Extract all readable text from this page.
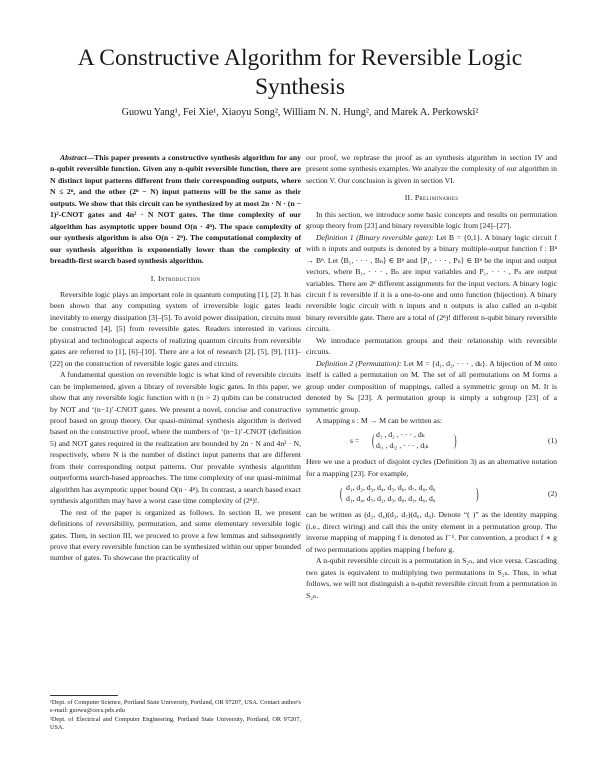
A Constructive Algorithm for Reversible Logic
Synthesis
Guowu Yang¹, Fei Xie¹, Xiaoyu Song², William N. N. Hung², and Marek A. Perkowski²

Abstract—This paper presents a constructive synthesis algorithm for any n-qubit reversible function. Given any n-qubit reversible function, there are N distinct input patterns different from their corresponding outputs, where N ≤ 2ⁿ, and the other (2ⁿ − N) input patterns will be the same as their outputs. We show that this circuit can be synthesized by at most 2n · N · (n − 1)²-CNOT gates and 4n² · N NOT gates. The time complexity of our algorithm has asymptotic upper bound O(n · 4ⁿ). The space complexity of our synthesis algorithm is also O(n · 2ⁿ). The computational complexity of our synthesis algorithm is exponentially lower than the complexity of breadth-first search based synthesis algorithm.

I. Introduction

Reversible logic plays an important role in quantum computing [1], [2]. It has been shown that any computing system of irreversible logic gates leads inevitably to energy dissipation [3]–[5]. To avoid power dissipation, circuits must be constructed [4], [5] from reversible gates. Readers interested in various physical and technological aspects of realizing quantum circuits from reversible gates are referred to [1], [6]–[10]. There are a lot of research [2], [5], [9], [11]–[22] on the construction of reversible logic gates and circuits.

A fundamental question on reversible logic is what kind of reversible circuits can be implemented, given a library of reversible logic gates. In this paper, we show that any reversible logic function with n (n > 2) qubits can be constructed by NOT and ‘(n−1)’-CNOT gates. We present a novel, concise and constructive proof based on group theory. Our quasi-minimal synthesis algorithm is derived based on the constructive proof, where the numbers of ‘(n−1)’-CNOT (definition 5) and NOT gates required in the realization are bounded by 2n · N and 4n² · N, respectively, where N is the number of distinct input patterns that are different from their corresponding output patterns. Our provable synthesis algorithm outperforms search-based approaches. The time complexity of our quasi-minimal algorithm has asymptotic upper bound O(n · 4ⁿ). In contrast, a search based exact synthesis algorithm may have a worst case time complexity of (2ⁿ)!.

The rest of the paper is organized as follows. In section II, we present definitions of reversibility, permutation, and some elementary reversible logic gates. Then, in section III, we proceed to prove a few lemmas and subsequently prove that every reversible function can be synthesized within our upper bounded number of gates. To showcase the practicality of

¹Dept. of Computer Science, Portland State University, Portland, OR 97207, USA. Contact author's e-mail: guowu@cecs.pdx.edu

²Dept. of Electrical and Computer Engineering, Portland State University, Portland, OR 97207, USA.

our proof, we rephrase the proof as an synthesis algorithm in section IV and present some synthesis examples. We analyze the complexity of our algorithm in section V. Our conclusion is given in section VI.

II. Preliminaries

In this section, we introduce some basic concepts and results on permutation group theory from [23] and binary reversible logic from [24]–[27].

Definition 1 (Binary reversible gate): Let B = {0,1}. A binary logic circuit f with n inputs and outputs is denoted by a binary multiple-output function f : Bⁿ → Bⁿ. Let ⟨B₁, · · · , Bₙ⟩ ∈ Bⁿ and ⟨P₁, · · · , Pₙ⟩ ∈ Bⁿ be the input and output vectors, where B₁, · · · , Bₙ are input variables and P₁, · · · , Pₙ are output variables. There are 2ⁿ different assignments for the input vectors. A binary logic circuit f is reversible if it is a one-to-one and onto function (bijection). A binary reversible logic circuit with n inputs and n outputs is also called an n-qubit binary reversible gate. There are a total of (2ⁿ)! different n-qubit binary reversible circuits.

We introduce permutation groups and their relationship with reversible circuits.

Definition 2 (Permutation): Let M = {d₁, d₂, · · · , dₖ}. A bijection of M onto itself is called a permutation on M. The set of all permutations on M forms a group under composition of mappings, called a symmetric group on M. It is denoted by Sₖ [23]. A permutation group is simply a subgroup [23] of a symmetric group.

A mapping s : M → M can be written as:

s = ( d₁ , d₂ , · · · , dₖ
dᵢ₁ , dᵢ₂ , · · · , dᵢₖ	)	(1)

Here we use a product of disjoint cycles (Definition 3) as an alternative notation for a mapping [23]. For example,

( d₁, d₂, d₃, d₄, d₅, d₆, d₇, d₈, d₉
d₁, d₄, d₇, d₂, d₅, d₈, d₃, d₆, d₉	)	(2)

can be written as (d₂, d₄)(d₃, d₇)(d₆, d₈). Denote “( )” as the identity mapping (i.e., direct wiring) and call this the unity element in a permutation group. The inverse mapping of mapping f is denoted as f⁻¹. Per convention, a product f ∗ g of two permutations applies mapping f before g.

A n-qubit reversible circuit is a permutation in S₂ₙ, and vice versa. Cascading two gates is equivalent to multiplying two permutations in S₂ₙ. Thus, in what follows, we will not distinguish a n-qubit reversible circuit from a permutation in S₂ₙ.
